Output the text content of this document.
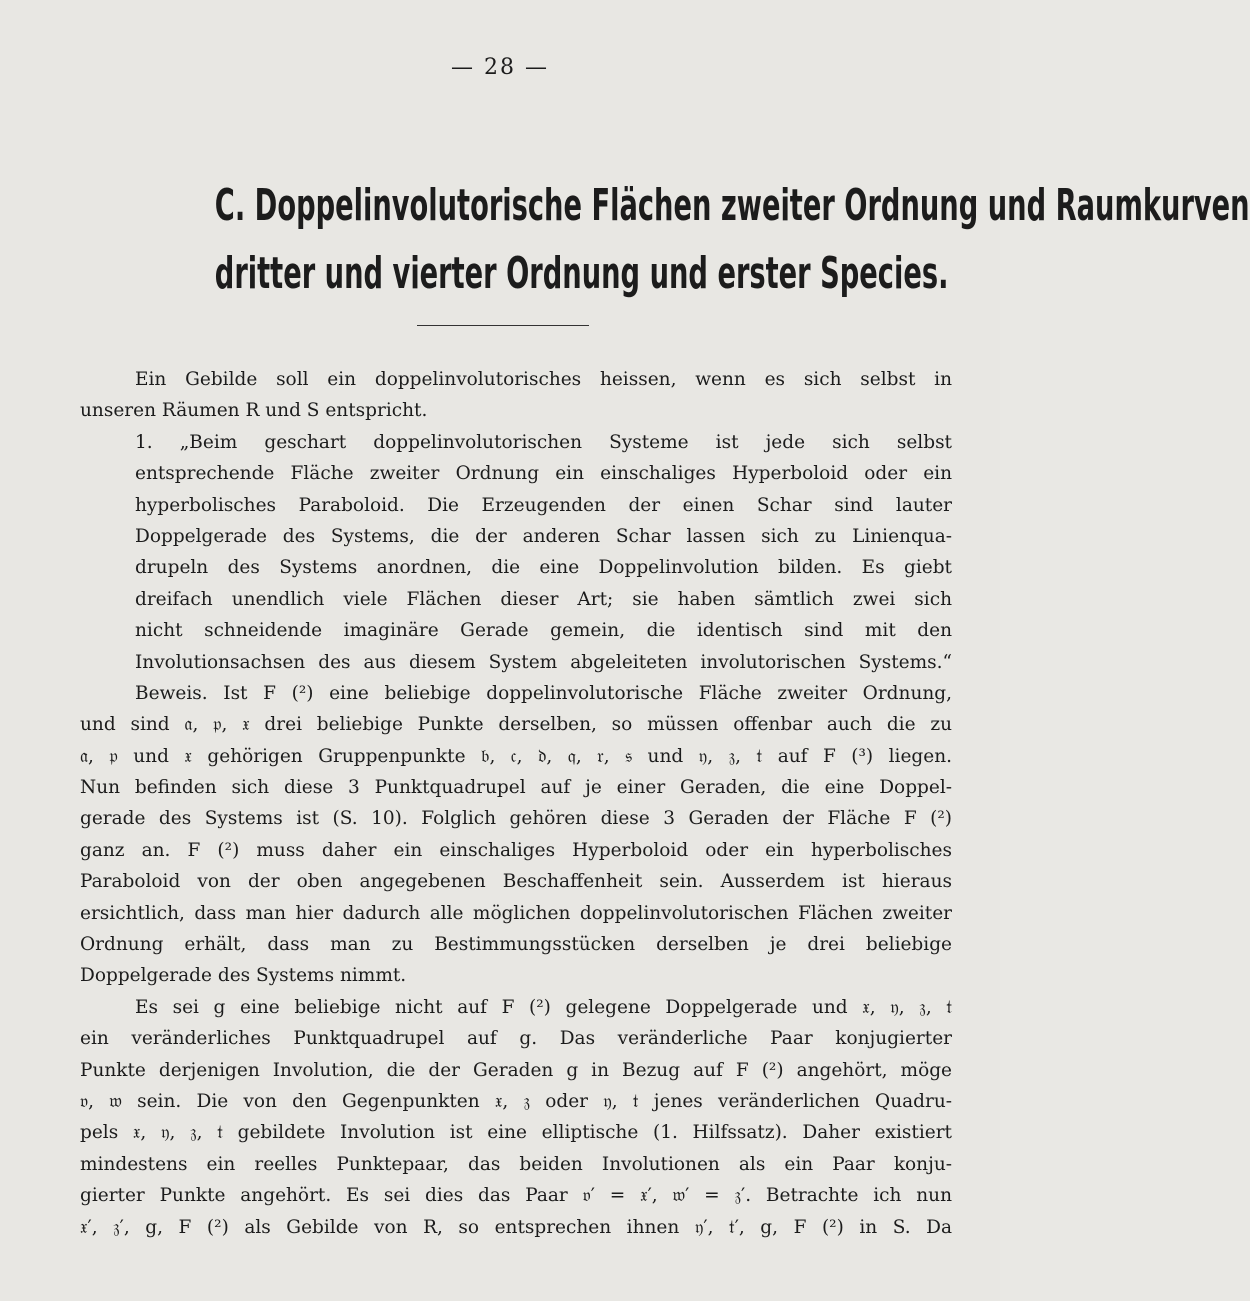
— 28 —
C. Doppelinvolutorische Flächen zweiter Ordnung und Raumkurven
dritter und vierter Ordnung und erster Species.
Ein Gebilde soll ein doppelinvolutorisches heissen, wenn es sich selbst in
unseren Räumen R und S entspricht.
1. „Beim geschart doppelinvolutorischen Systeme ist jede sich selbst
entsprechende Fläche zweiter Ordnung ein einschaliges Hyperboloid oder ein
hyperbolisches Paraboloid. Die Erzeugenden der einen Schar sind lauter
Doppelgerade des Systems, die der anderen Schar lassen sich zu Linienqua-
drupeln des Systems anordnen, die eine Doppelinvolution bilden. Es giebt
dreifach unendlich viele Flächen dieser Art; sie haben sämtlich zwei sich
nicht schneidende imaginäre Gerade gemein, die identisch sind mit den
Involutionsachsen des aus diesem System abgeleiteten involutorischen Systems.“
Beweis. Ist F (²) eine beliebige doppelinvolutorische Fläche zweiter Ordnung,
und sind 𝔞, 𝔭, 𝔵 drei beliebige Punkte derselben, so müssen offenbar auch die zu
𝔞, 𝔭 und 𝔵 gehörigen Gruppenpunkte 𝔟, 𝔠, 𝔡, 𝔮, 𝔯, 𝔰 und 𝔶, 𝔷, 𝔱 auf F (³) liegen.
Nun befinden sich diese 3 Punktquadrupel auf je einer Geraden, die eine Doppel-
gerade des Systems ist (S. 10). Folglich gehören diese 3 Geraden der Fläche F (²)
ganz an. F (²) muss daher ein einschaliges Hyperboloid oder ein hyperbolisches
Paraboloid von der oben angegebenen Beschaffenheit sein. Ausserdem ist hieraus
ersichtlich, dass man hier dadurch alle möglichen doppelinvolutorischen Flächen zweiter
Ordnung erhält, dass man zu Bestimmungsstücken derselben je drei beliebige
Doppelgerade des Systems nimmt.
Es sei g eine beliebige nicht auf F (²) gelegene Doppelgerade und 𝔵, 𝔶, 𝔷, 𝔱
ein veränderliches Punktquadrupel auf g. Das veränderliche Paar konjugierter
Punkte derjenigen Involution, die der Geraden g in Bezug auf F (²) angehört, möge
𝔳, 𝔴 sein. Die von den Gegenpunkten 𝔵, 𝔷 oder 𝔶, 𝔱 jenes veränderlichen Quadru-
pels 𝔵, 𝔶, 𝔷, 𝔱 gebildete Involution ist eine elliptische (1. Hilfssatz). Daher existiert
mindestens ein reelles Punktepaar, das beiden Involutionen als ein Paar konju-
gierter Punkte angehört. Es sei dies das Paar 𝔳′ = 𝔵′, 𝔴′ = 𝔷′. Betrachte ich nun
𝔵′, 𝔷′, g, F (²) als Gebilde von R, so entsprechen ihnen 𝔶′, 𝔱′, g, F (²) in S. Da
